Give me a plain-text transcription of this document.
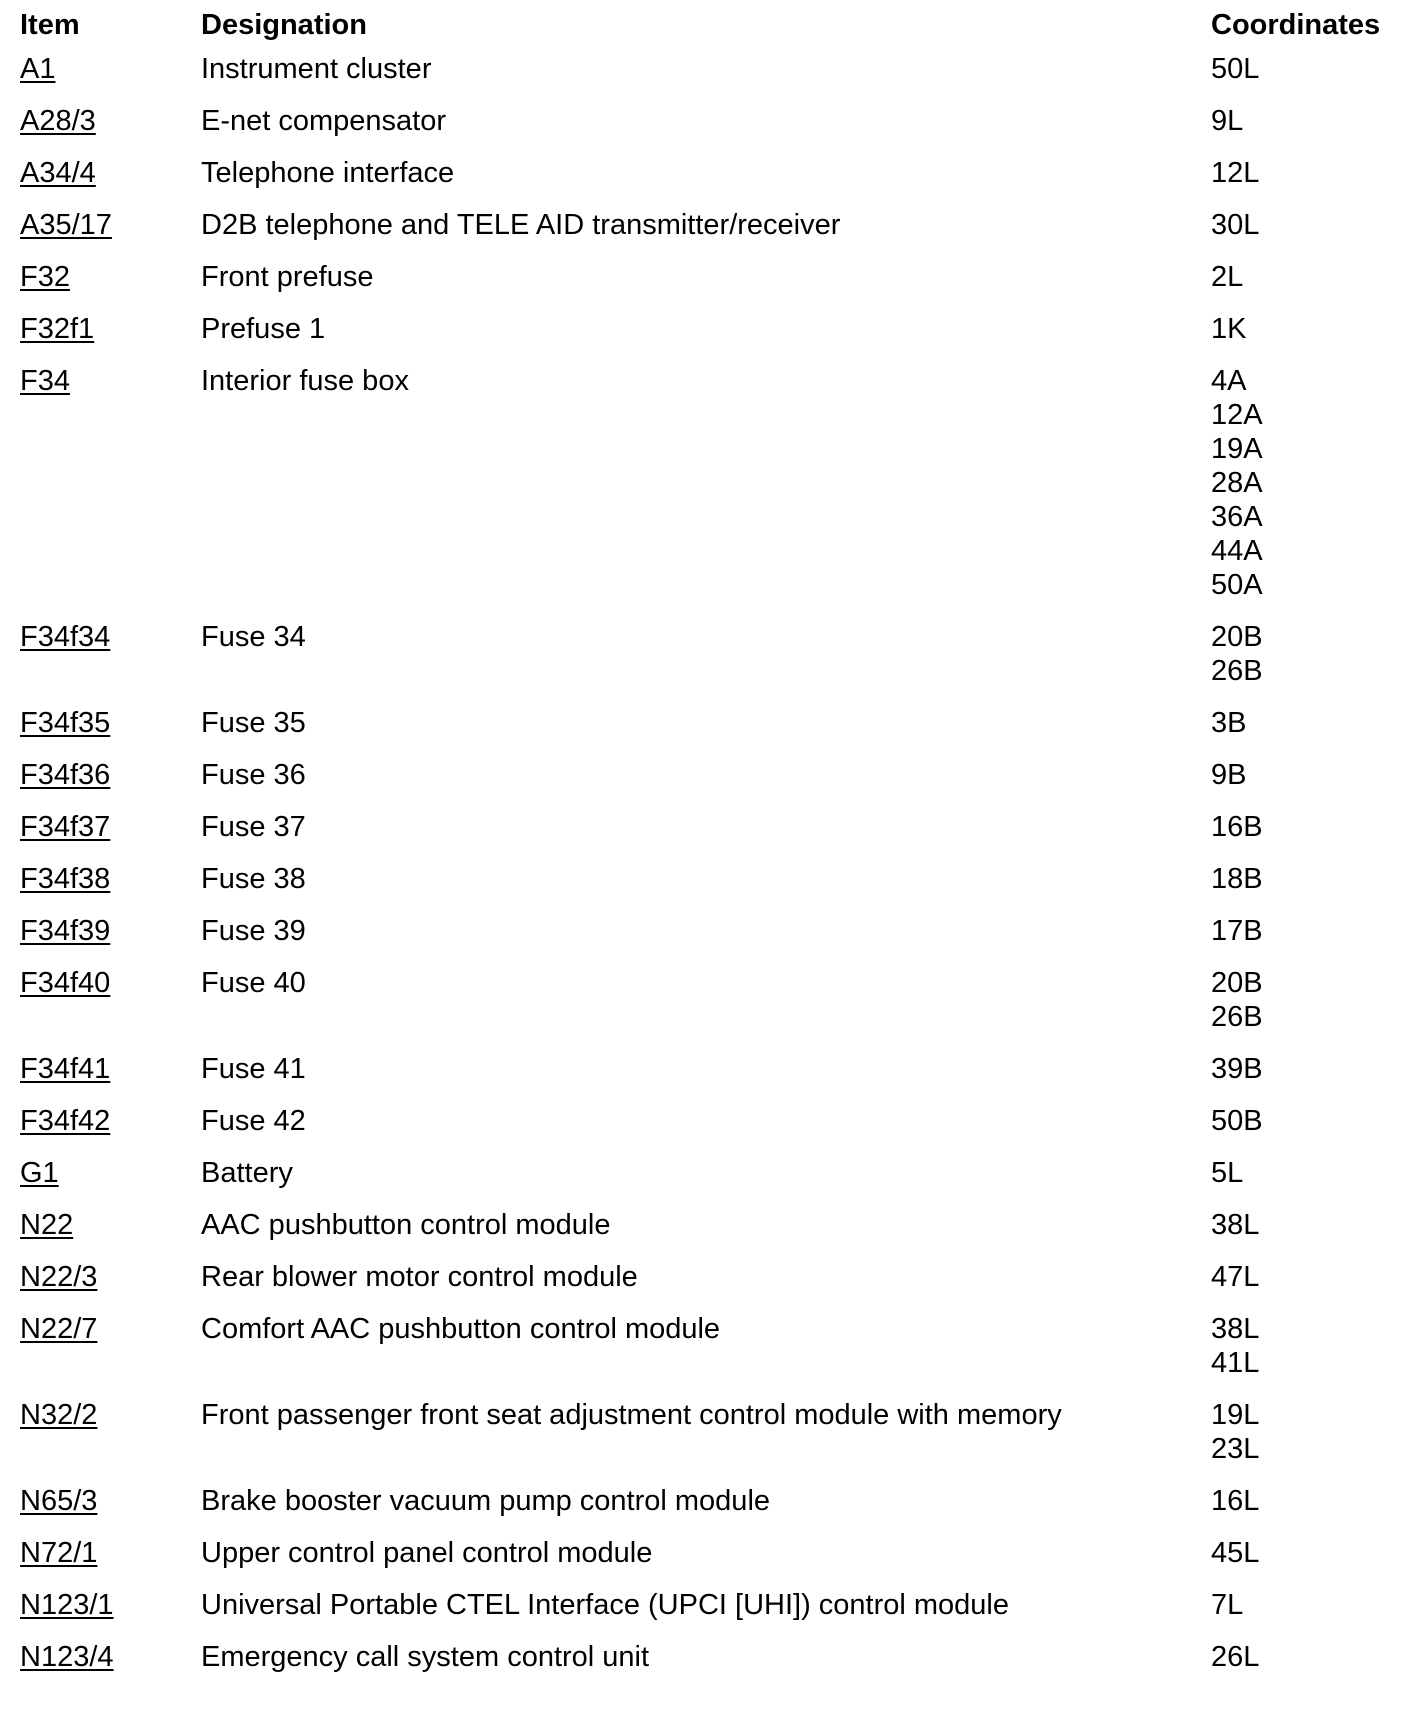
Item	Designation	Coordinates
A1	Instrument cluster	50L
A28/3	E-net compensator	9L
A34/4	Telephone interface	12L
A35/17	D2B telephone and TELE AID transmitter/receiver	30L
F32	Front prefuse	2L
F32f1	Prefuse 1	1K
F34	Interior fuse box	4A
12A
19A
28A
36A
44A
50A
F34f34	Fuse 34	20B
26B
F34f35	Fuse 35	3B
F34f36	Fuse 36	9B
F34f37	Fuse 37	16B
F34f38	Fuse 38	18B
F34f39	Fuse 39	17B
F34f40	Fuse 40	20B
26B
F34f41	Fuse 41	39B
F34f42	Fuse 42	50B
G1	Battery	5L
N22	AAC pushbutton control module	38L
N22/3	Rear blower motor control module	47L
N22/7	Comfort AAC pushbutton control module	38L
41L
N32/2	Front passenger front seat adjustment control module with memory	19L
23L
N65/3	Brake booster vacuum pump control module	16L
N72/1	Upper control panel control module	45L
N123/1	Universal Portable CTEL Interface (UPCI [UHI]) control module	7L
N123/4	Emergency call system control unit	26L
